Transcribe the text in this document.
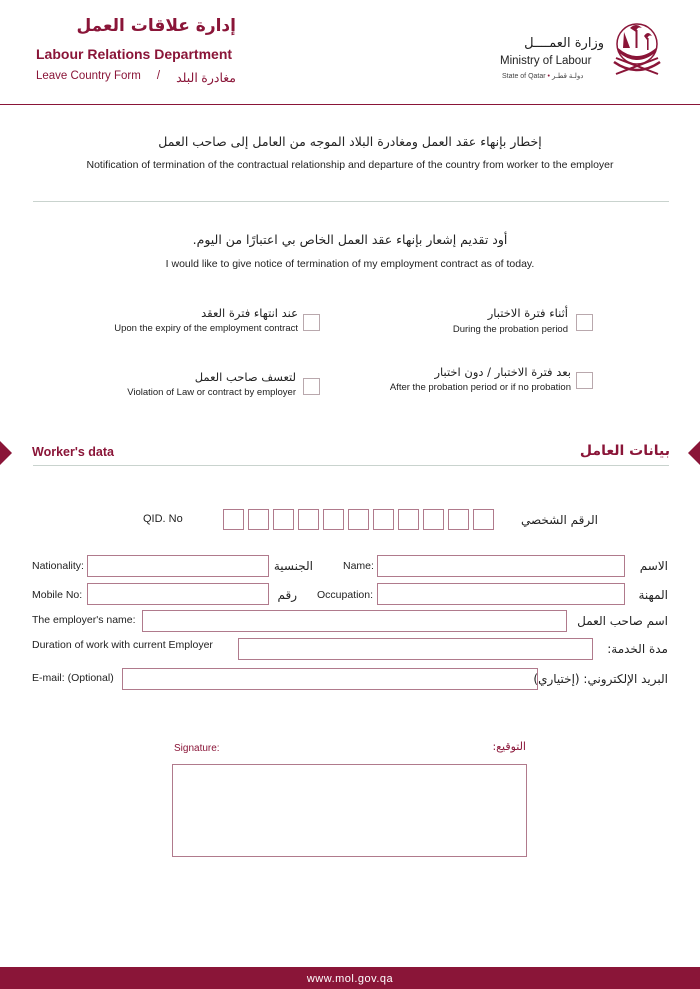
إدارة علاقات العمل
Labour Relations Department
Leave Country Form / مغادرة البلد
وزارة العمــــل
Ministry of Labour
State of Qatar • دولـة قطـر
إخطار بإنهاء عقد العمل ومغادرة البلاد الموجه من العامل إلى صاحب العمل
Notification of termination of the contractual relationship and departure of the country from worker to the employer
أود تقديم إشعار بإنهاء عقد العمل الخاص بي اعتبارًا من اليوم.
I would like to give notice of termination of my employment contract as of today.
عند انتهاء فترة العقد
Upon the expiry of the employment contract
أثناء فترة الاختبار
During the probation period
لتعسف صاحب العمل
Violation of Law or contract by employer
بعد فترة الاختبار / دون اختبار
After the probation period or if no probation
Worker's data	بيانات العامل
QID. No	الرقم الشخصي
Nationality:	الجنسية	Name:	الاسم
Mobile No:	رقم Occupation:	المهنة
The employer's name:	اسم صاحب العمل
Duration of work with current Employer	مدة الخدمة:
E-mail: (Optional)	البريد الإلكتروني: (إختياري)
Signature:	التوقيع:
www.mol.gov.qa
